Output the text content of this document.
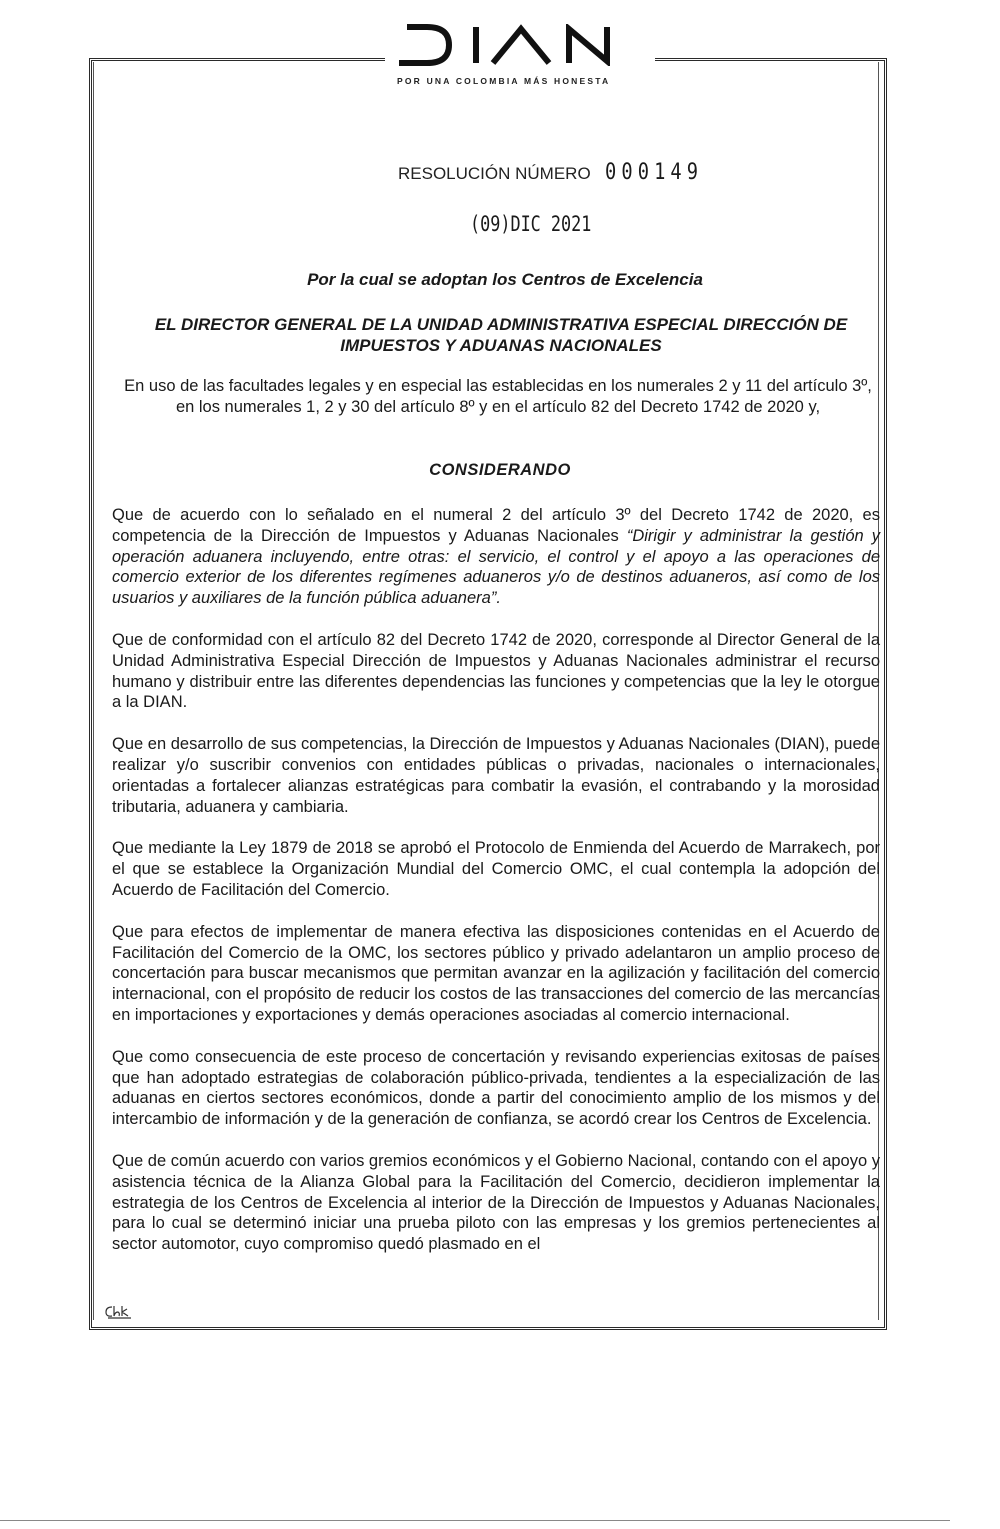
POR UNA COLOMBIA MÁS HONESTA
RESOLUCIÓN NÚMERO 000149
(09)DIC 2021
Por la cual se adoptan los Centros de Excelencia
EL DIRECTOR GENERAL DE LA UNIDAD ADMINISTRATIVA ESPECIAL DIRECCIÓN DE IMPUESTOS Y ADUANAS NACIONALES
En uso de las facultades legales y en especial las establecidas en los numerales 2 y 11 del artículo 3º, en los numerales 1, 2 y 30 del artículo 8º y en el artículo 82 del Decreto 1742 de 2020 y,
CONSIDERANDO

Que de acuerdo con lo señalado en el numeral 2 del artículo 3º del Decreto 1742 de 2020, es competencia de la Dirección de Impuestos y Aduanas Nacionales “Dirigir y administrar la gestión y operación aduanera incluyendo, entre otras: el servicio, el control y el apoyo a las operaciones de comercio exterior de los diferentes regímenes aduaneros y/o de destinos aduaneros, así como de los usuarios y auxiliares de la función pública aduanera”.

Que de conformidad con el artículo 82 del Decreto 1742 de 2020, corresponde al Director General de la Unidad Administrativa Especial Dirección de Impuestos y Aduanas Nacionales administrar el recurso humano y distribuir entre las diferentes dependencias las funciones y competencias que la ley le otorgue a la DIAN.

Que en desarrollo de sus competencias, la Dirección de Impuestos y Aduanas Nacionales (DIAN), puede realizar y/o suscribir convenios con entidades públicas o privadas, nacionales o internacionales, orientadas a fortalecer alianzas estratégicas para combatir la evasión, el contrabando y la morosidad tributaria, aduanera y cambiaria.

Que mediante la Ley 1879 de 2018 se aprobó el Protocolo de Enmienda del Acuerdo de Marrakech, por el que se establece la Organización Mundial del Comercio OMC, el cual contempla la adopción del Acuerdo de Facilitación del Comercio.

Que para efectos de implementar de manera efectiva las disposiciones contenidas en el Acuerdo de Facilitación del Comercio de la OMC, los sectores público y privado adelantaron un amplio proceso de concertación para buscar mecanismos que permitan avanzar en la agilización y facilitación del comercio internacional, con el propósito de reducir los costos de las transacciones del comercio de las mercancías en importaciones y exportaciones y demás operaciones asociadas al comercio internacional.

Que como consecuencia de este proceso de concertación y revisando experiencias exitosas de países que han adoptado estrategias de colaboración público-privada, tendientes a la especialización de las aduanas en ciertos sectores económicos, donde a partir del conocimiento amplio de los mismos y del intercambio de información y de la generación de confianza, se acordó crear los Centros de Excelencia.

Que de común acuerdo con varios gremios económicos y el Gobierno Nacional, contando con el apoyo y asistencia técnica de la Alianza Global para la Facilitación del Comercio, decidieron implementar la estrategia de los Centros de Excelencia al interior de la Dirección de Impuestos y Aduanas Nacionales, para lo cual se determinó iniciar una prueba piloto con las empresas y los gremios pertenecientes al sector automotor, cuyo compromiso quedó plasmado en el
